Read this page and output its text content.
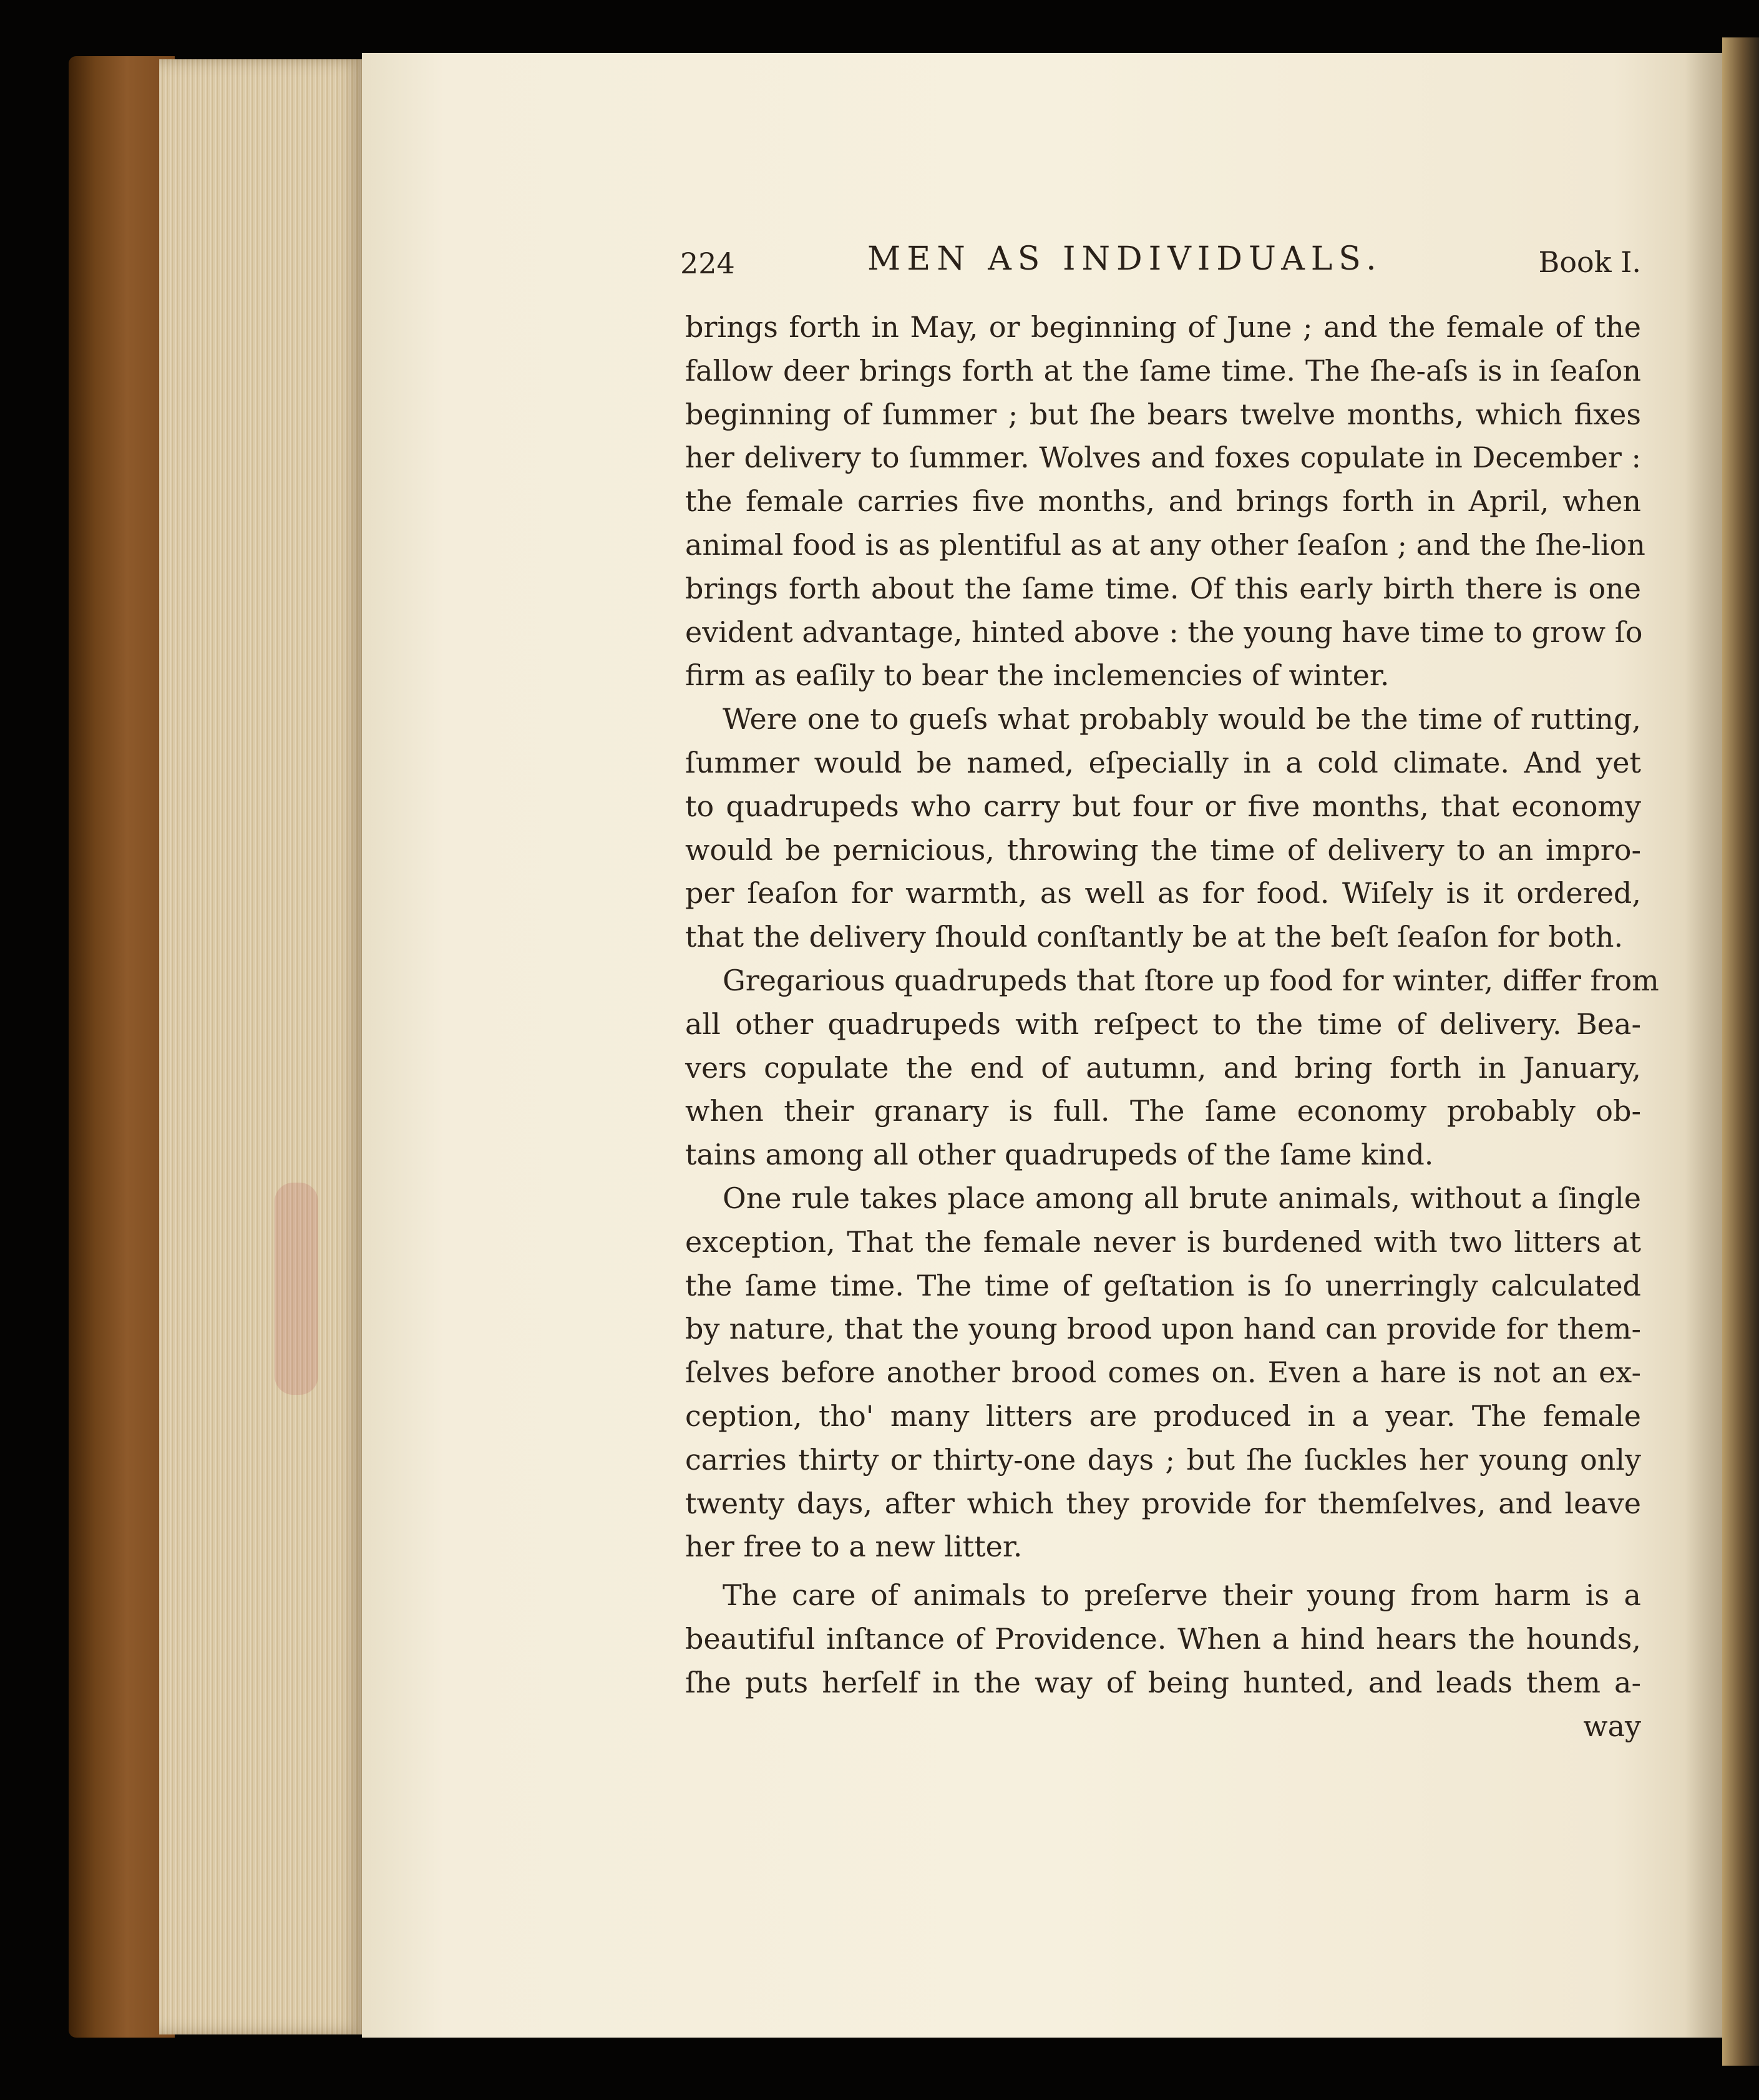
224	MEN AS INDIVIDUALS.	Book I.
brings forth in May, or beginning of June ; and the female of the
fallow deer brings forth at the ſame time. The ſhe-aſs is in ſeaſon
beginning of ſummer ; but ſhe bears twelve months, which fixes
her delivery to ſummer. Wolves and foxes copulate in December :
the female carries five months, and brings forth in April, when
animal food is as plentiful as at any other ſeaſon ; and the ſhe-lion
brings forth about the ſame time. Of this early birth there is one
evident advantage, hinted above : the young have time to grow ſo
firm as eaſily to bear the inclemencies of winter.
Were one to gueſs what probably would be the time of rutting,
ſummer would be named, eſpecially in a cold climate. And yet
to quadrupeds who carry but four or five months, that economy
would be pernicious, throwing the time of delivery to an impro-
per ſeaſon for warmth, as well as for food. Wiſely is it ordered,
that the delivery ſhould conſtantly be at the beſt ſeaſon for both.
Gregarious quadrupeds that ſtore up food for winter, differ from
all other quadrupeds with reſpect to the time of delivery. Bea-
vers copulate the end of autumn, and bring forth in January,
when their granary is full. The ſame economy probably ob-
tains among all other quadrupeds of the ſame kind.
One rule takes place among all brute animals, without a ſingle
exception, That the female never is burdened with two litters at
the ſame time. The time of geſtation is ſo unerringly calculated
by nature, that the young brood upon hand can provide for them-
ſelves before another brood comes on. Even a hare is not an ex-
ception, tho' many litters are produced in a year. The female
carries thirty or thirty-one days ; but ſhe ſuckles her young only
twenty days, after which they provide for themſelves, and leave
her free to a new litter.
The care of animals to preſerve their young from harm is a
beautiful inſtance of Providence. When a hind hears the hounds,
ſhe puts herſelf in the way of being hunted, and leads them a-
way
